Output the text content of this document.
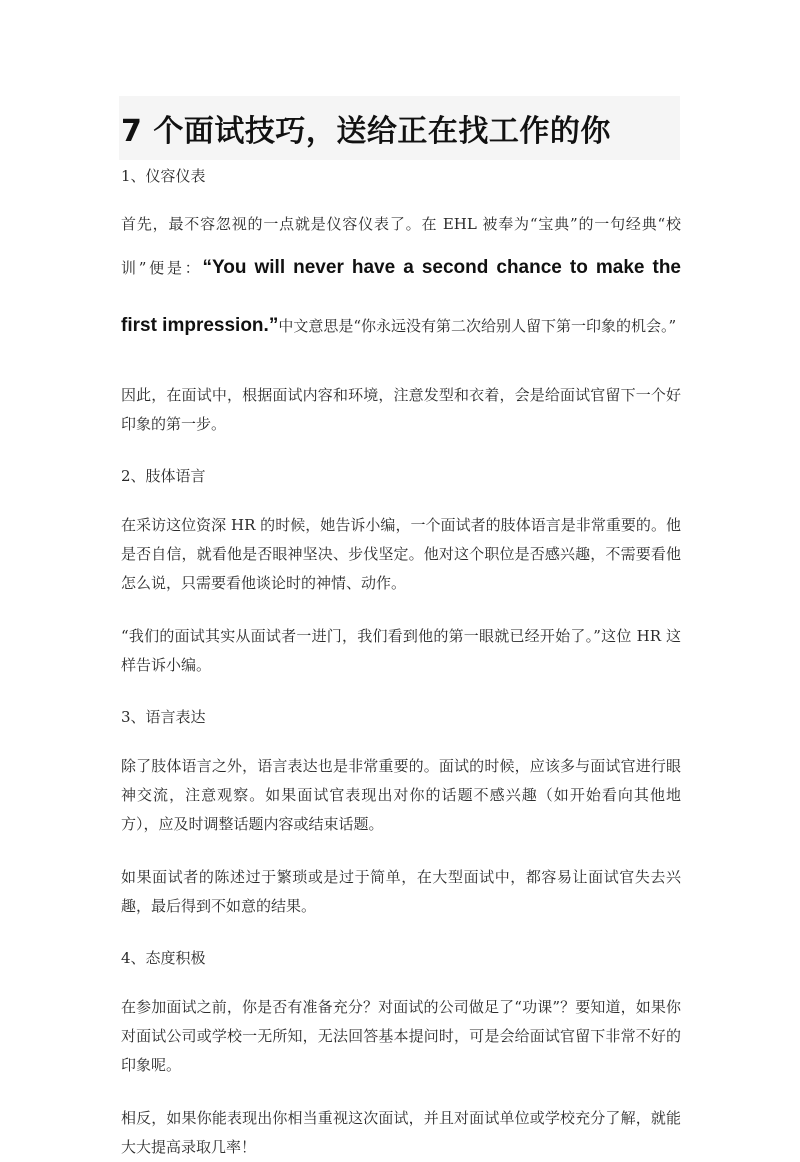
7 个面试技巧，送给正在找工作的你

1、仪容仪表

首先，最不容忽视的一点就是仪容仪表了。在 EHL 被奉为“宝典”的一句经典“校训”便是：“You will never have a second chance to make the first impression.”中文意思是“你永远没有第二次给别人留下第一印象的机会。”

因此，在面试中，根据面试内容和环境，注意发型和衣着，会是给面试官留下一个好印象的第一步。

2、肢体语言

在采访这位资深 HR 的时候，她告诉小编，一个面试者的肢体语言是非常重要的。他是否自信，就看他是否眼神坚决、步伐坚定。他对这个职位是否感兴趣，不需要看他怎么说，只需要看他谈论时的神情、动作。

“我们的面试其实从面试者一进门，我们看到他的第一眼就已经开始了。”这位 HR 这样告诉小编。

3、语言表达

除了肢体语言之外，语言表达也是非常重要的。面试的时候，应该多与面试官进行眼神交流，注意观察。如果面试官表现出对你的话题不感兴趣（如开始看向其他地方），应及时调整话题内容或结束话题。

如果面试者的陈述过于繁琐或是过于简单，在大型面试中，都容易让面试官失去兴趣，最后得到不如意的结果。

4、态度积极

在参加面试之前，你是否有准备充分？对面试的公司做足了“功课”？要知道，如果你对面试公司或学校一无所知，无法回答基本提问时，可是会给面试官留下非常不好的印象呢。

相反，如果你能表现出你相当重视这次面试，并且对面试单位或学校充分了解，就能大大提高录取几率！
